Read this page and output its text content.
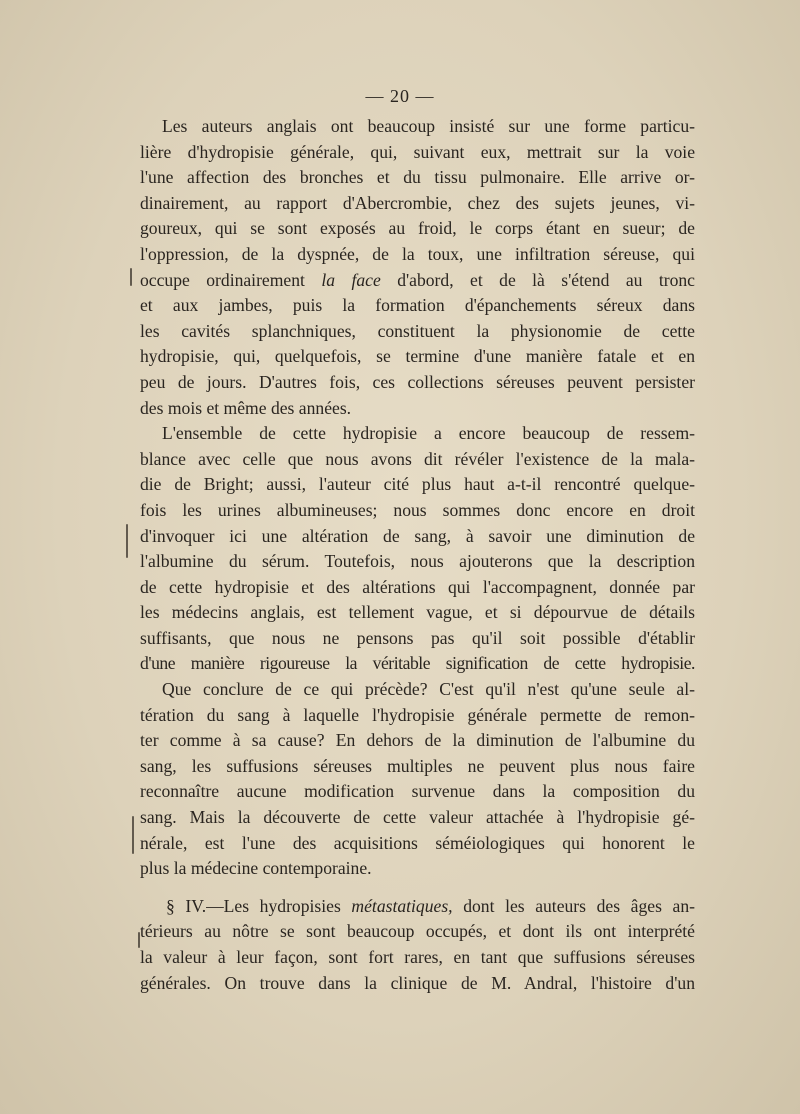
— 20 —
Les auteurs anglais ont beaucoup insisté sur une forme particu-
lière d'hydropisie générale, qui, suivant eux, mettrait sur la voie
l'une affection des bronches et du tissu pulmonaire. Elle arrive or-
dinairement, au rapport d'Abercrombie, chez des sujets jeunes, vi-
goureux, qui se sont exposés au froid, le corps étant en sueur; de
l'oppression, de la dyspnée, de la toux, une infiltration séreuse, qui
occupe ordinairement la face d'abord, et de là s'étend au tronc
et aux jambes, puis la formation d'épanchements séreux dans
les cavités splanchniques, constituent la physionomie de cette
hydropisie, qui, quelquefois, se termine d'une manière fatale et en
peu de jours. D'autres fois, ces collections séreuses peuvent persister
des mois et même des années.
L'ensemble de cette hydropisie a encore beaucoup de ressem-
blance avec celle que nous avons dit révéler l'existence de la mala-
die de Bright; aussi, l'auteur cité plus haut a-t-il rencontré quelque-
fois les urines albumineuses; nous sommes donc encore en droit
d'invoquer ici une altération de sang, à savoir une diminution de
l'albumine du sérum. Toutefois, nous ajouterons que la description
de cette hydropisie et des altérations qui l'accompagnent, donnée par
les médecins anglais, est tellement vague, et si dépourvue de détails
suffisants, que nous ne pensons pas qu'il soit possible d'établir
d'une manière rigoureuse la véritable signification de cette hydropisie.
Que conclure de ce qui précède? C'est qu'il n'est qu'une seule al-
tération du sang à laquelle l'hydropisie générale permette de remon-
ter comme à sa cause? En dehors de la diminution de l'albumine du
sang, les suffusions séreuses multiples ne peuvent plus nous faire
reconnaître aucune modification survenue dans la composition du
sang. Mais la découverte de cette valeur attachée à l'hydropisie gé-
nérale, est l'une des acquisitions séméiologiques qui honorent le
plus la médecine contemporaine.
§ IV.—Les hydropisies métastatiques, dont les auteurs des âges an-
térieurs au nôtre se sont beaucoup occupés, et dont ils ont interprété
la valeur à leur façon, sont fort rares, en tant que suffusions séreuses
générales. On trouve dans la clinique de M. Andral, l'histoire d'un
